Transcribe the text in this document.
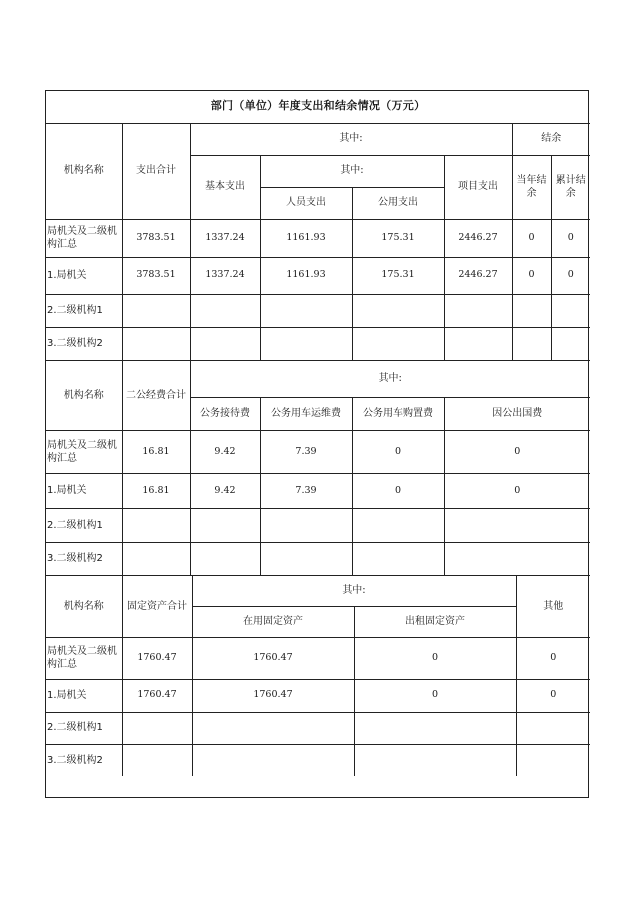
部门（单位）年度支出和结余情况（万元）							
机构名称	支出合计	其中:				结余	
		基本支出	其中:		项目支出	当年结余	累计结余
			人员支出	公用支出			
局机关及二级机构汇总	3783.51	1337.24	1161.93	175.31	2446.27	0	0
1.局机关	3783.51	1337.24	1161.93	175.31	2446.27	0	0
2.二级机构1							
3.二级机构2							
机构名称	二公经费合计	其中:			
		公务接待费	公务用车运维费	公务用车购置费	因公出国费
局机关及二级机构汇总	16.81	9.42	7.39	0	0
1.局机关	16.81	9.42	7.39	0	0
2.二级机构1					
3.二级机构2					
机构名称	固定资产合计	其中:		其他
		在用固定资产	出租固定资产	
局机关及二级机构汇总	1760.47	1760.47	0	0
1.局机关	1760.47	1760.47	0	0
2.二级机构1				
3.二级机构2				
